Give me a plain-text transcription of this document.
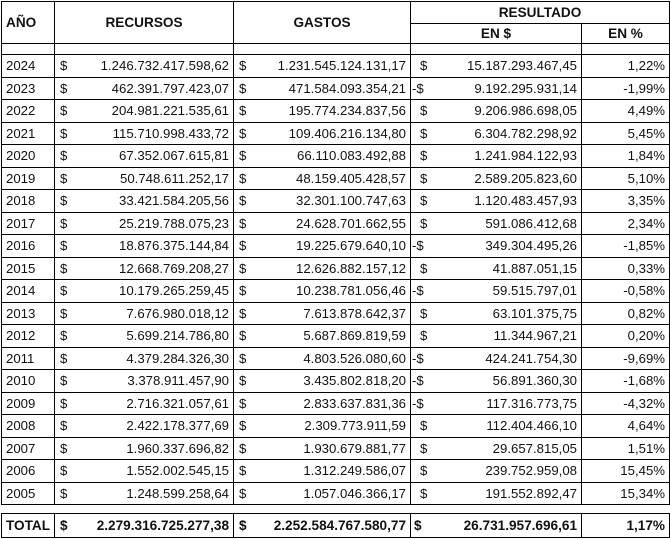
AÑO	RECURSOS		GASTOS		RESULTADO		
					EN $		EN %

2024	$	1.246.732.417.598,62	$	1.231.545.124.131,17	$	15.187.293.467,45	1,22%
2023	$	462.391.797.423,07	$	471.584.093.354,21	-$	9.192.295.931,14	-1,99%
2022	$	204.981.221.535,61	$	195.774.234.837,56	$	9.206.986.698,05	4,49%
2021	$	115.710.998.433,72	$	109.406.216.134,80	$	6.304.782.298,92	5,45%
2020	$	67.352.067.615,81	$	66.110.083.492,88	$	1.241.984.122,93	1,84%
2019	$	50.748.611.252,17	$	48.159.405.428,57	$	2.589.205.823,60	5,10%
2018	$	33.421.584.205,56	$	32.301.100.747,63	$	1.120.483.457,93	3,35%
2017	$	25.219.788.075,23	$	24.628.701.662,55	$	591.086.412,68	2,34%
2016	$	18.876.375.144,84	$	19.225.679.640,10	-$	349.304.495,26	-1,85%
2015	$	12.668.769.208,27	$	12.626.882.157,12	$	41.887.051,15	0,33%
2014	$	10.179.265.259,45	$	10.238.781.056,46	-$	59.515.797,01	-0,58%
2013	$	7.676.980.018,12	$	7.613.878.642,37	$	63.101.375,75	0,82%
2012	$	5.699.214.786,80	$	5.687.869.819,59	$	11.344.967,21	0,20%
2011	$	4.379.284.326,30	$	4.803.526.080,60	-$	424.241.754,30	-9,69%
2010	$	3.378.911.457,90	$	3.435.802.818,20	-$	56.891.360,30	-1,68%
2009	$	2.716.321.057,61	$	2.833.637.831,36	-$	117.316.773,75	-4,32%
2008	$	2.422.178.377,69	$	2.309.773.911,59	$	112.404.466,10	4,64%
2007	$	1.960.337.696,82	$	1.930.679.881,77	$	29.657.815,05	1,51%
2006	$	1.552.002.545,15	$	1.312.249.586,07	$	239.752.959,08	15,45%
2005	$	1.248.599.258,64	$	1.057.046.366,17	$	191.552.892,47	15,34%

TOTAL	$	2.279.316.725.277,38	$	2.252.584.767.580,77	$	26.731.957.696,61	1,17%
